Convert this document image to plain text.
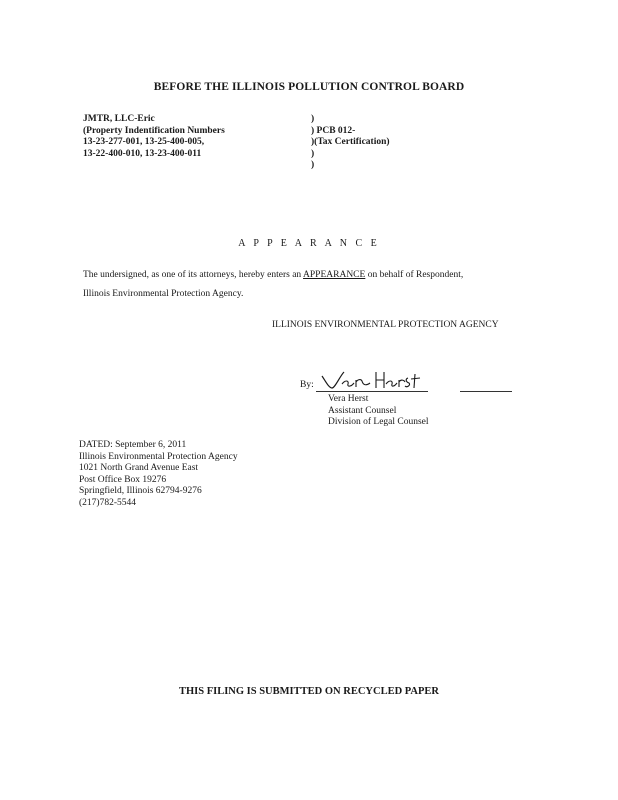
BEFORE THE ILLINOIS POLLUTION CONTROL BOARD
JMTR, LLC-Eric
(Property Indentification Numbers
13-23-277-001, 13-25-400-005,
13-22-400-010, 13-23-400-011
)
) PCB 012-
)(Tax Certification)
)
)
A P P E A R A N C E
The undersigned, as one of its attorneys, hereby enters an APPEARANCE on behalf of Respondent,
Illinois Environmental Protection Agency.
ILLINOIS ENVIRONMENTAL PROTECTION AGENCY
By:
Vera Herst
Assistant Counsel
Division of Legal Counsel
DATED: September 6, 2011
Illinois Environmental Protection Agency
1021 North Grand Avenue East
Post Office Box 19276
Springfield, Illinois 62794-9276
(217)782-5544
THIS FILING IS SUBMITTED ON RECYCLED PAPER
